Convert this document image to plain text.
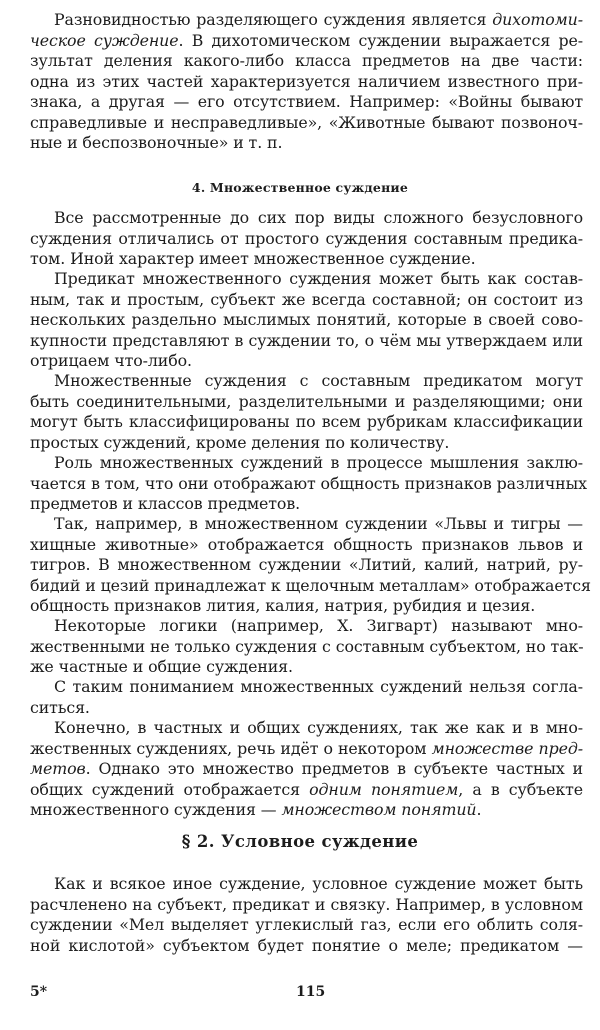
Разновидностью разделяющего суждения является дихотоми-
ческое суждение. В дихотомическом суждении выражается ре-
зультат деления какого-либо класса предметов на две части:
одна из этих частей характеризуется наличием известного при-
знака, а другая — его отсутствием. Например: «Войны бывают
справедливые и несправедливые», «Животные бывают позвоноч-
ные и беспозвоночные» и т. п.
4. Множественное суждение
Все рассмотренные до сих пор виды сложного безусловного
суждения отличались от простого суждения составным предика-
том. Иной характер имеет множественное суждение.
Предикат множественного суждения может быть как состав-
ным, так и простым, субъект же всегда составной; он состоит из
нескольких раздельно мыслимых понятий, которые в своей сово-
купности представляют в суждении то, о чём мы утверждаем или
отрицаем что-либо.
Множественные суждения с составным предикатом могут
быть соединительными, разделительными и разделяющими; они
могут быть классифицированы по всем рубрикам классификации
простых суждений, кроме деления по количеству.
Роль множественных суждений в процессе мышления заклю-
чается в том, что они отображают общность признаков различных
предметов и классов предметов.
Так, например, в множественном суждении «Львы и тигры —
хищные животные» отображается общность признаков львов и
тигров. В множественном суждении «Литий, калий, натрий, ру-
бидий и цезий принадлежат к щелочным металлам» отображается
общность признаков лития, калия, натрия, рубидия и цезия.
Некоторые логики (например, Х. Зигварт) называют мно-
жественными не только суждения с составным субъектом, но так-
же частные и общие суждения.
С таким пониманием множественных суждений нельзя согла-
ситься.
Конечно, в частных и общих суждениях, так же как и в мно-
жественных суждениях, речь идёт о некотором множестве пред-
метов. Однако это множество предметов в субъекте частных и
общих суждений отображается одним понятием, а в субъекте
множественного суждения — множеством понятий.
§ 2. Условное суждение
Как и всякое иное суждение, условное суждение может быть
расчленено на субъект, предикат и связку. Например, в условном
суждении «Мел выделяет углекислый газ, если его облить соля-
ной кислотой» субъектом будет понятие о меле; предикатом —
5*	115
